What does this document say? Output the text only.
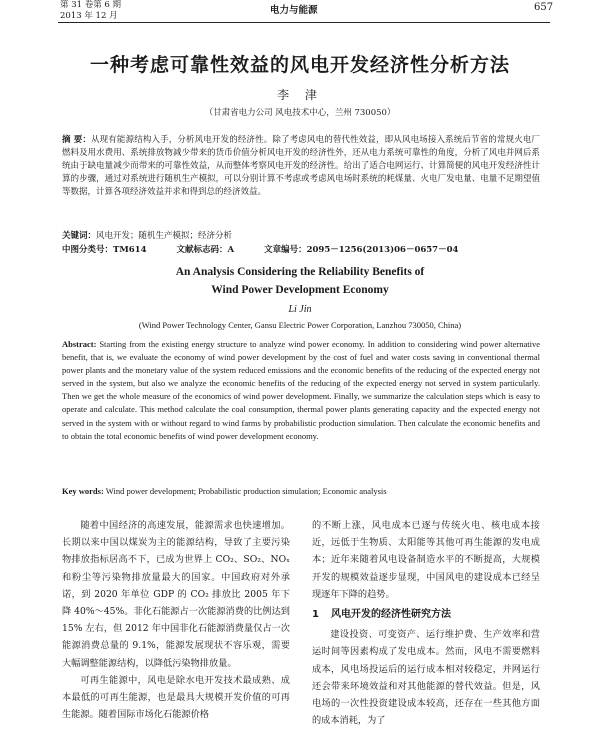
第 31 卷第 6 期
2013 年 12 月	电力与能源	657
一种考虑可靠性效益的风电开发经济性分析方法
李 津
（甘肃省电力公司 风电技术中心，兰州 730050）
摘 要：从现有能源结构入手，分析风电开发的经济性。除了考虑风电的替代性效益，即从风电场接入系统后节省的常规火电厂燃料及用水费用、系统排放物减少带来的货币价值分析风电开发的经济性外，还从电力系统可靠性的角度，分析了风电并网后系统由于缺电量减少而带来的可靠性效益，从而整体考察风电开发的经济性。给出了适合电网运行、计算简便的风电开发经济性计算的步骤，通过对系统进行随机生产模拟，可以分别计算不考虑或考虑风电场时系统的耗煤量、火电厂发电量、电量不足期望值等数据，计算各项经济效益并求和得到总的经济效益。
关键词：风电开发；随机生产模拟；经济分析
中图分类号：TM614	文献标志码：A	文章编号：2095－1256(2013)06－0657－04
An Analysis Considering the Reliability Benefits of
Wind Power Development Economy
Li Jin
(Wind Power Technology Center, Gansu Electric Power Corporation, Lanzhou 730050, China)
Abstract: Starting from the existing energy structure to analyze wind power economy. In addition to considering wind power alternative benefit, that is, we evaluate the economy of wind power development by the cost of fuel and water costs saving in conventional thermal power plants and the monetary value of the system reduced emissions and the economic benefits of the reducing of the expected energy not served in the system, but also we analyze the economic benefits of the reducing of the expected energy not served in system particularly. Then we get the whole measure of the economics of wind power development. Finally, we summarize the calculation steps which is easy to operate and calculate. This method calculate the coal consumption, thermal power plants generating capacity and the expected energy not served in the system with or without regard to wind farms by probabilistic production simulation. Then calculate the economic benefits and to obtain the total economic benefits of wind power development economy.
Key words: Wind power development; Probabilistic production simulation; Economic analysis

随着中国经济的高速发展，能源需求也快速增加。长期以来中国以煤炭为主的能源结构，导致了主要污染物排放指标居高不下，已成为世界上 CO₂、SO₂、NOₓ 和粉尘等污染物排放量最大的国家。中国政府对外承诺，到 2020 年单位 GDP 的 CO₂ 排放比 2005 年下降 40%～45%。非化石能源占一次能源消费的比例达到 15% 左右，但 2012 年中国非化石能源消费量仅占一次能源消费总量的 9.1%，能源发展现状不容乐观，需要大幅调整能源结构，以降低污染物排放量。

可再生能源中，风电是除水电开发技术最成熟、成本最低的可再生能源，也是最具大规模开发价值的可再生能源。随着国际市场化石能源价格

的不断上涨，风电成本已逐与传统火电、核电成本接近，远低于生物质、太阳能等其他可再生能源的发电成本；近年来随着风电设备制造水平的不断提高，大规模开发的规模效益逐步显现，中国风电的建设成本已经呈现逐年下降的趋势。

1 风电开发的经济性研究方法

建设投资、可变资产、运行维护费、生产效率和营运时间等因素构成了发电成本。然而，风电不需要燃料成本，风电场投运后的运行成本相对较稳定，并网运行还会带来环境效益和对其他能源的替代效益。但是，风电场的一次性投资建设成本较高，还存在一些其他方面的成本消耗，为了
